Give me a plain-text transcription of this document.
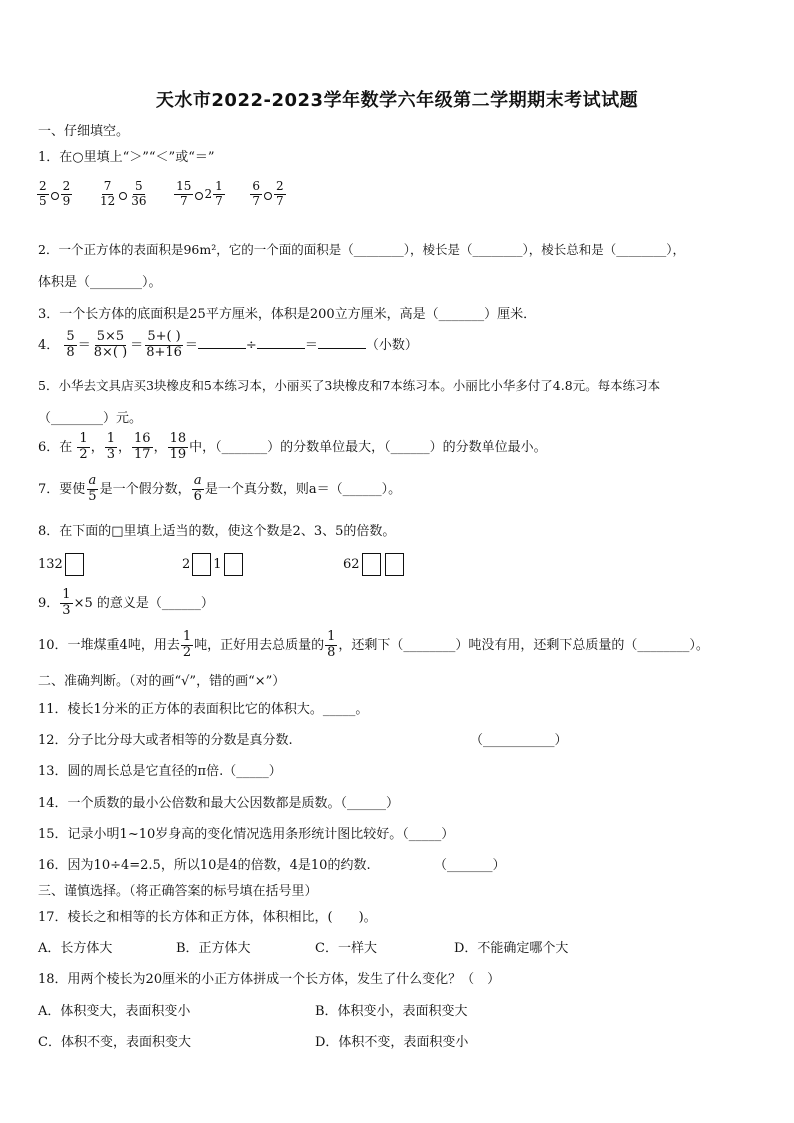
天水市2022-2023学年数学六年级第二学期期末考试试题
一、仔细填空。
1．在○里填上“＞”“＜”或“＝”
$\frac{2}{5} \frac{2}{9}$
$\frac{7}{12} \frac{5}{36}$
$\frac{15}{7} 2 \frac{1}{7}$
$\frac{6}{7} \frac{2}{7}$
2．一个正方体的表面积是96m²，它的一个面的面积是（________），棱长是（________），棱长总和是（________），
体积是（________）。
3．一个长方体的底面积是25平方厘米，体积是200立方厘米，高是（_______）厘米．
4． $\frac{5}{8} = \frac{5\times 5}{8\times( )} = \frac{5+( )}{8+16}$ ＝	÷	＝	（小数）
5．小华去文具店买3块橡皮和5本练习本，小丽买了3块橡皮和7本练习本。小丽比小华多付了4.8元。每本练习本
（________）元。
6．在 $\frac{1}{2}$ ， $\frac{1}{3}$ ， $\frac{16}{17}$ ， $\frac{18}{19}$ 中，（_______）的分数单位最大，（______）的分数单位最小。
7．要使 $\frac{a}{5}$ 是一个假分数， $\frac{a}{6}$ 是一个真分数，则a＝（______）。
8．在下面的□里填上适当的数，使这个数是2、3、5的倍数。
132	2 1	62
9． $\frac{1}{3} \times 5$ 的意义是（______）
10．一堆煤重4吨，用去 $\frac{1}{2}$ 吨，正好用去总质量的 $\frac{1}{8}$ ，还剩下（________）吨没有用，还剩下总质量的（________）。
二、准确判断。（对的画“√”，错的画“×”）
11．棱长1分米的正方体的表面积比它的体积大。_____。
12．分子比分母大或者相等的分数是真分数.	（___________）
13．圆的周长总是它直径的π倍.（_____）
14．一个质数的最小公倍数和最大公因数都是质数。（______）
15．记录小明1~10岁身高的变化情况选用条形统计图比较好。（_____）
16．因为10÷4=2.5，所以10是4的倍数，4是10的约数.	（_______）
三、谨慎选择。（将正确答案的标号填在括号里）
17．棱长之和相等的长方体和正方体，体积相比，(　　)。
A．长方体大	B．正方体大	C．一样大	D．不能确定哪个大
18．用两个棱长为20厘米的小正方体拼成一个长方体，发生了什么变化？（　）
A．体积变大，表面积变小	B．体积变小，表面积变大
C．体积不变，表面积变大	D．体积不变，表面积变小
